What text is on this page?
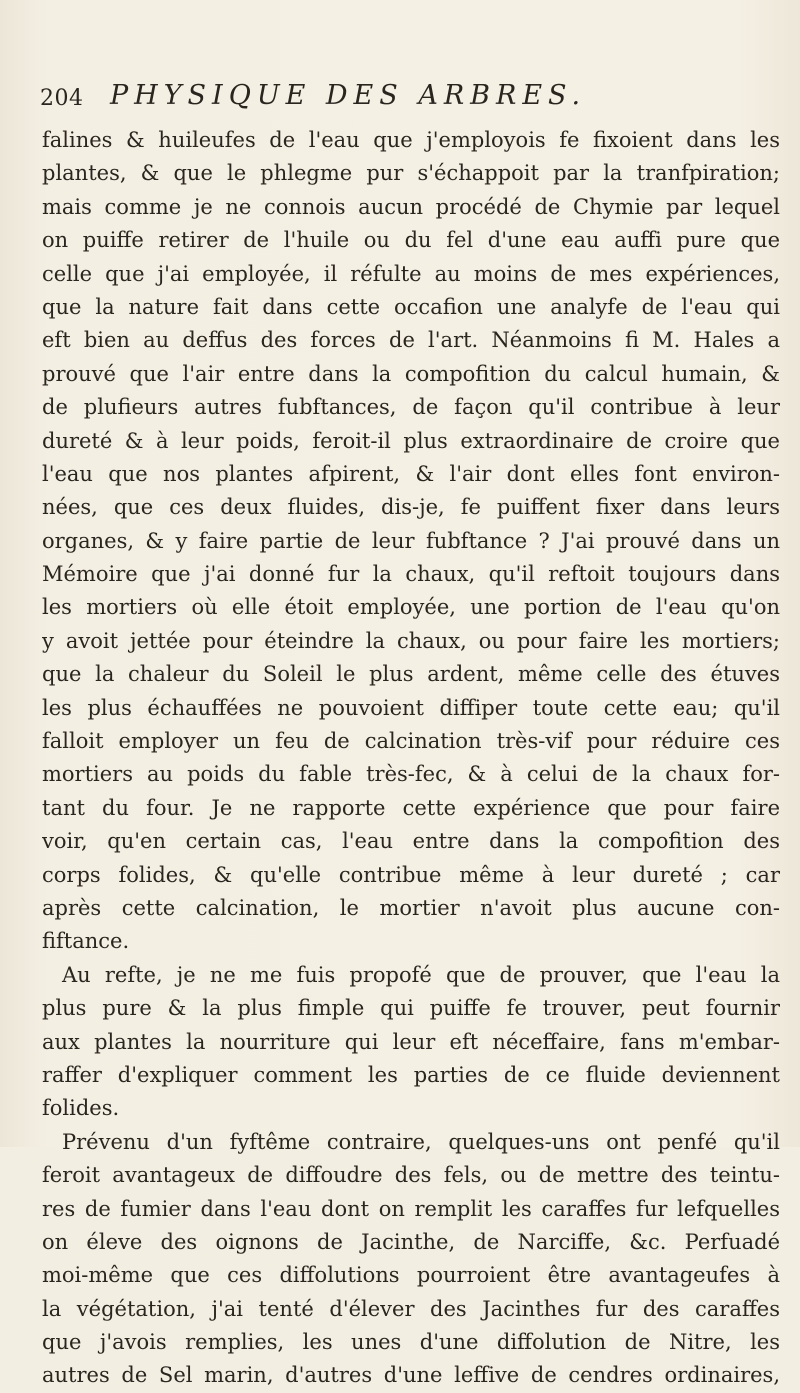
204 PHYSIQUE DES ARBRES.
falines & huileufes de l'eau que j'employois fe fixoient dans les
plantes, & que le phlegme pur s'échappoit par la tranfpiration;
mais comme je ne connois aucun procédé de Chymie par lequel
on puiffe retirer de l'huile ou du fel d'une eau auffi pure que
celle que j'ai employée, il réfulte au moins de mes expériences,
que la nature fait dans cette occafion une analyfe de l'eau qui
eft bien au deffus des forces de l'art. Néanmoins fi M. Hales a
prouvé que l'air entre dans la compofition du calcul humain, &
de plufieurs autres fubftances, de façon qu'il contribue à leur
dureté & à leur poids, feroit-il plus extraordinaire de croire que
l'eau que nos plantes afpirent, & l'air dont elles font environ-
nées, que ces deux fluides, dis-je, fe puiffent fixer dans leurs
organes, & y faire partie de leur fubftance ? J'ai prouvé dans un
Mémoire que j'ai donné fur la chaux, qu'il reftoit toujours dans
les mortiers où elle étoit employée, une portion de l'eau qu'on
y avoit jettée pour éteindre la chaux, ou pour faire les mortiers;
que la chaleur du Soleil le plus ardent, même celle des étuves
les plus échauffées ne pouvoient diffiper toute cette eau; qu'il
falloit employer un feu de calcination très-vif pour réduire ces
mortiers au poids du fable très-fec, & à celui de la chaux for-
tant du four. Je ne rapporte cette expérience que pour faire
voir, qu'en certain cas, l'eau entre dans la compofition des
corps folides, & qu'elle contribue même à leur dureté ; car
après cette calcination, le mortier n'avoit plus aucune con-
fiftance.
Au refte, je ne me fuis propofé que de prouver, que l'eau la
plus pure & la plus fimple qui puiffe fe trouver, peut fournir
aux plantes la nourriture qui leur eft néceffaire, fans m'embar-
raffer d'expliquer comment les parties de ce fluide deviennent
folides.
Prévenu d'un fyftême contraire, quelques-uns ont penfé qu'il
feroit avantageux de diffoudre des fels, ou de mettre des teintu-
res de fumier dans l'eau dont on remplit les caraffes fur lefquelles
on éleve des oignons de Jacinthe, de Narciffe, &c. Perfuadé
moi-même que ces diffolutions pourroient être avantageufes à
la végétation, j'ai tenté d'élever des Jacinthes fur des caraffes
que j'avois remplies, les unes d'une diffolution de Nitre, les
autres de Sel marin, d'autres d'une leffive de cendres ordinaires,
